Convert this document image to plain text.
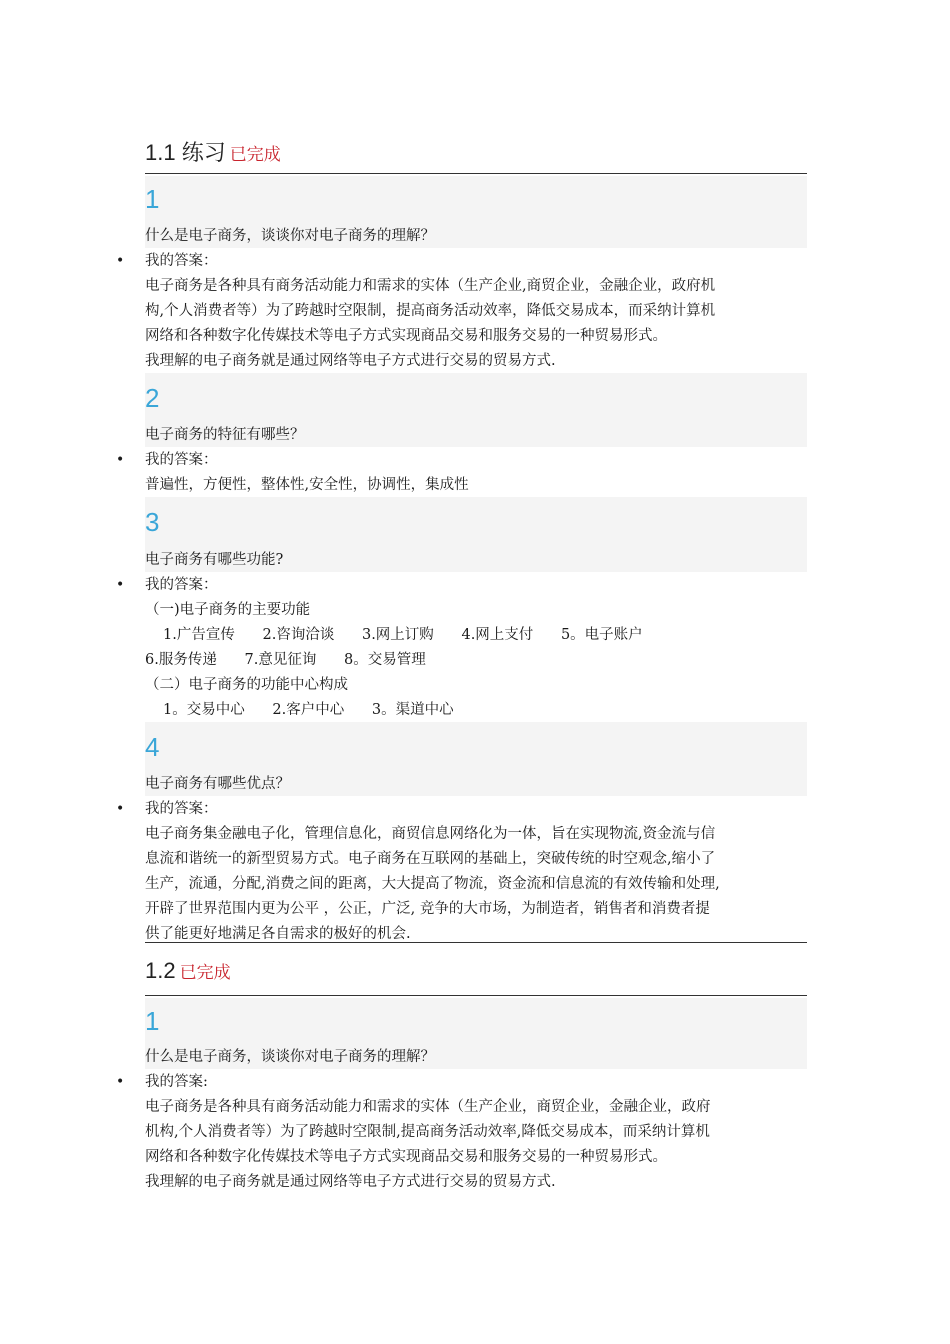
1.1 练习 已完成
1
什么是电子商务，谈谈你对电子商务的理解？
• 我的答案：
电子商务是各种具有商务活动能力和需求的实体（生产企业,商贸企业，金融企业，政府机
构,个人消费者等）为了跨越时空限制，提高商务活动效率，降低交易成本，而采纳计算机
网络和各种数字化传媒技术等电子方式实现商品交易和服务交易的一种贸易形式。
我理解的电子商务就是通过网络等电子方式进行交易的贸易方式.
2
电子商务的特征有哪些？
• 我的答案：
普遍性，方便性，整体性,安全性，协调性，集成性
3
电子商务有哪些功能?
• 我的答案：
（一)电子商务的主要功能
1.广告宣传      2.咨询洽谈      3.网上订购      4.网上支付      5。电子账户
6.服务传递      7.意见征询      8。交易管理
（二）电子商务的功能中心构成
1。交易中心      2.客户中心      3。渠道中心
4
电子商务有哪些优点？
• 我的答案：
电子商务集金融电子化，管理信息化，商贸信息网络化为一体，旨在实现物流,资金流与信
息流和谐统一的新型贸易方式。电子商务在互联网的基础上，突破传统的时空观念,缩小了
生产，流通，分配,消费之间的距离，大大提高了物流，资金流和信息流的有效传输和处理,
开辟了世界范围内更为公平 ，公正，广泛, 竞争的大市场，为制造者，销售者和消费者提
供了能更好地满足各自需求的极好的机会.
1.2 已完成
1
什么是电子商务，谈谈你对电子商务的理解？
• 我的答案:
电子商务是各种具有商务活动能力和需求的实体（生产企业，商贸企业，金融企业，政府
机构,个人消费者等）为了跨越时空限制,提高商务活动效率,降低交易成本，而采纳计算机
网络和各种数字化传媒技术等电子方式实现商品交易和服务交易的一种贸易形式。
我理解的电子商务就是通过网络等电子方式进行交易的贸易方式.
